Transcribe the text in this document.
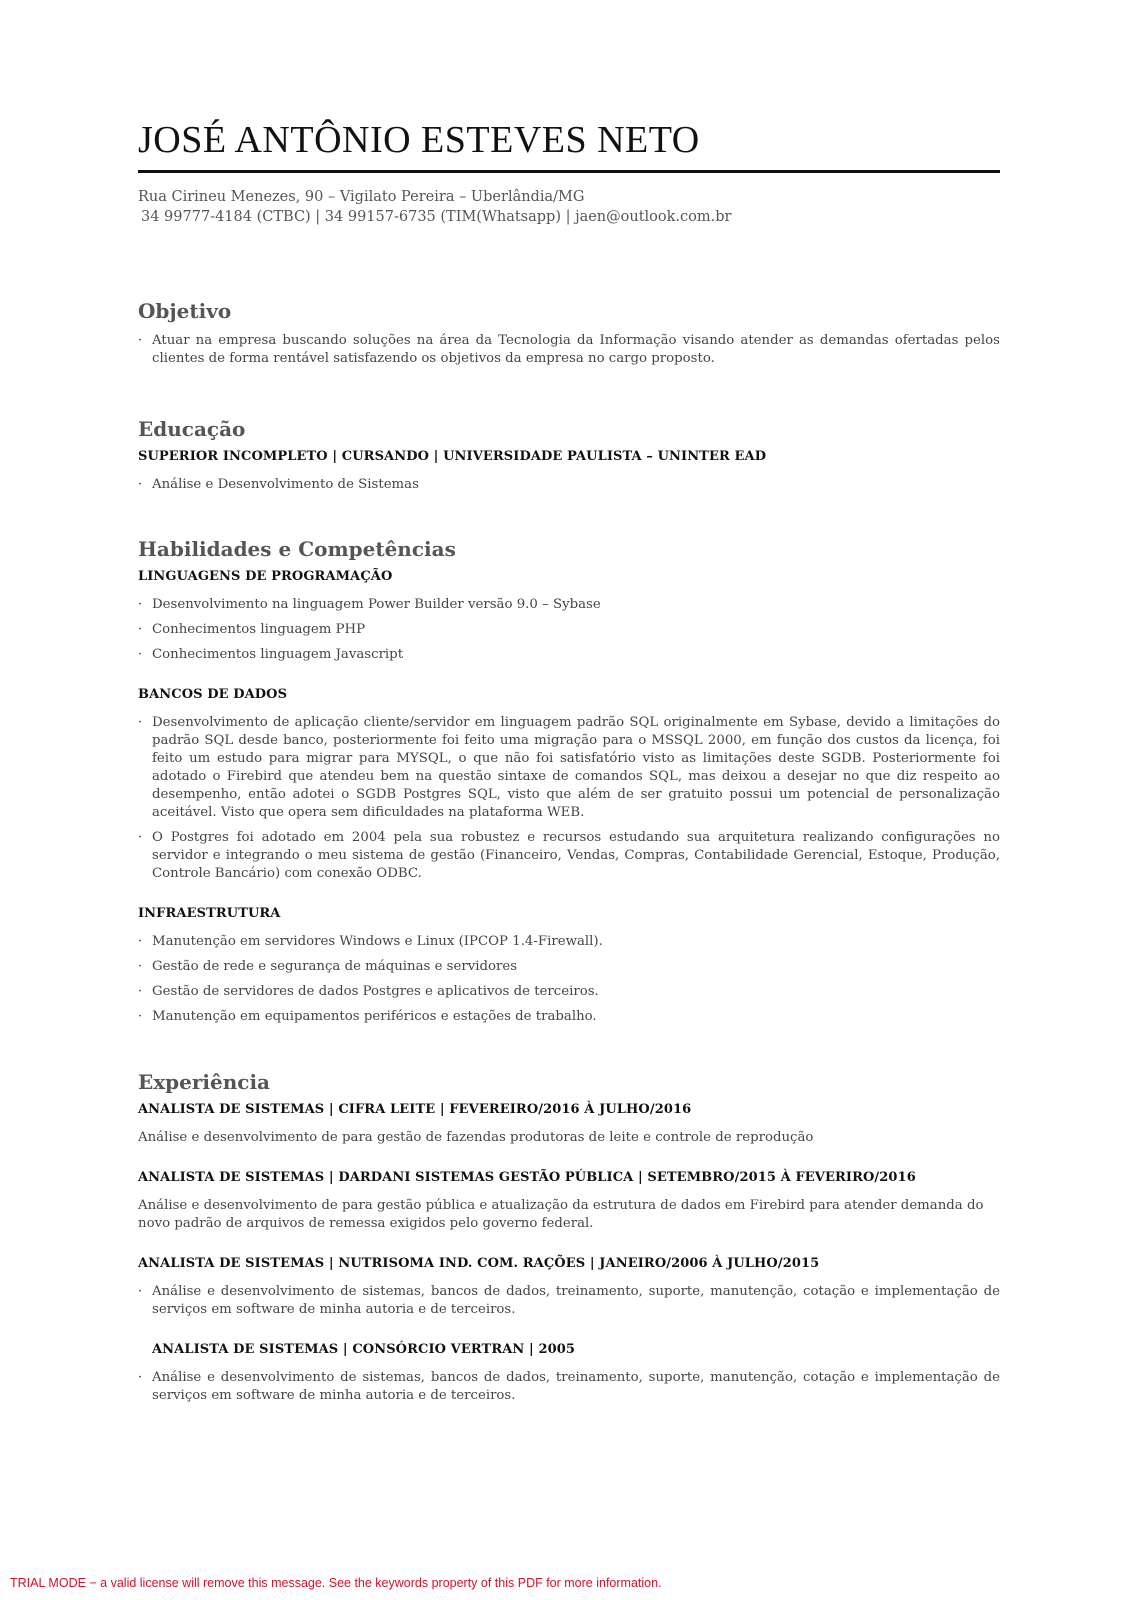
JOSÉ ANTÔNIO ESTEVES NETO
Rua Cirineu Menezes, 90 – Vigilato Pereira – Uberlândia/MG
34 99777-4184 (CTBC) | 34 99157-6735 (TIM(Whatsapp) | jaen@outlook.com.br
Objetivo
· Atuar na empresa buscando soluções na área da Tecnologia da Informação visando atender as demandas ofertadas pelos clientes de forma rentável satisfazendo os objetivos da empresa no cargo proposto.
Educação
SUPERIOR INCOMPLETO | CURSANDO | UNIVERSIDADE PAULISTA – UNINTER EAD
· Análise e Desenvolvimento de Sistemas
Habilidades e Competências
LINGUAGENS DE PROGRAMAÇÃO
· Desenvolvimento na linguagem Power Builder versão 9.0 – Sybase
· Conhecimentos linguagem PHP
· Conhecimentos linguagem Javascript
BANCOS DE DADOS
· Desenvolvimento de aplicação cliente/servidor em linguagem padrão SQL originalmente em Sybase, devido a limitações do padrão SQL desde banco, posteriormente foi feito uma migração para o MSSQL 2000, em função dos custos da licença, foi feito um estudo para migrar para MYSQL, o que não foi satisfatório visto as limitações deste SGDB. Posteriormente foi adotado o Firebird que atendeu bem na questão sintaxe de comandos SQL, mas deixou a desejar no que diz respeito ao desempenho, então adotei o SGDB Postgres SQL, visto que além de ser gratuito possui um potencial de personalização aceitável. Visto que opera sem dificuldades na plataforma WEB.
· O Postgres foi adotado em 2004 pela sua robustez e recursos estudando sua arquitetura realizando configurações no servidor e integrando o meu sistema de gestão (Financeiro, Vendas, Compras, Contabilidade Gerencial, Estoque, Produção, Controle Bancário) com conexão ODBC.
INFRAESTRUTURA
· Manutenção em servidores Windows e Linux (IPCOP 1.4-Firewall).
· Gestão de rede e segurança de máquinas e servidores
· Gestão de servidores de dados Postgres e aplicativos de terceiros.
· Manutenção em equipamentos periféricos e estações de trabalho.
Experiência
ANALISTA DE SISTEMAS | CIFRA LEITE | FEVEREIRO/2016 À JULHO/2016

Análise e desenvolvimento de para gestão de fazendas produtoras de leite e controle de reprodução

ANALISTA DE SISTEMAS | DARDANI SISTEMAS GESTÃO PÚBLICA | SETEMBRO/2015 À FEVERIRO/2016

Análise e desenvolvimento de para gestão pública e atualização da estrutura de dados em Firebird para atender demanda do novo padrão de arquivos de remessa exigidos pelo governo federal.

ANALISTA DE SISTEMAS | NUTRISOMA IND. COM. RAÇÕES | JANEIRO/2006 À JULHO/2015
· Análise e desenvolvimento de sistemas, bancos de dados, treinamento, suporte, manutenção, cotação e implementação de serviços em software de minha autoria e de terceiros.
ANALISTA DE SISTEMAS | CONSÓRCIO VERTRAN | 2005
· Análise e desenvolvimento de sistemas, bancos de dados, treinamento, suporte, manutenção, cotação e implementação de serviços em software de minha autoria e de terceiros.
TRIAL MODE − a valid license will remove this message. See the keywords property of this PDF for more information.
